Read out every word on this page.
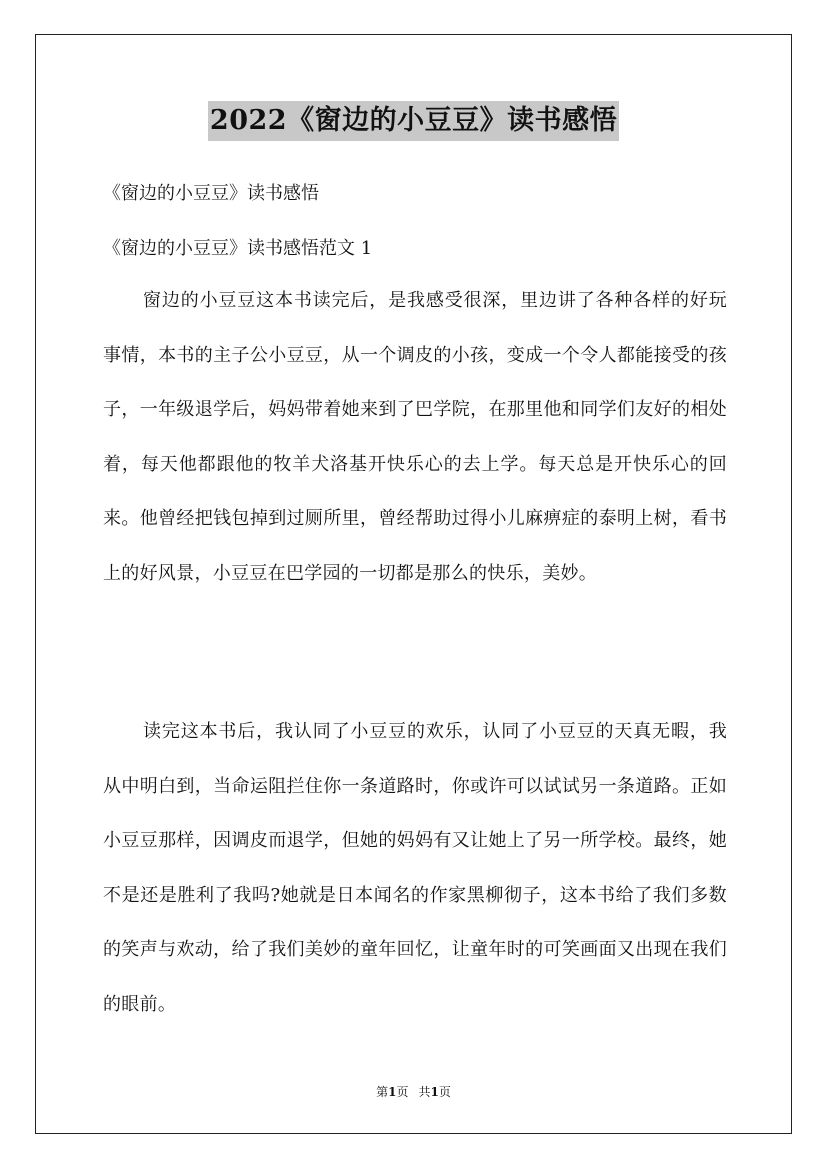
2022《窗边的小豆豆》读书感悟
《窗边的小豆豆》读书感悟
《窗边的小豆豆》读书感悟范文 1
窗边的小豆豆这本书读完后，是我感受很深，里边讲了各种各样的好玩事情，本书的主子公小豆豆，从一个调皮的小孩，变成一个令人都能接受的孩子，一年级退学后，妈妈带着她来到了巴学院，在那里他和同学们友好的相处着，每天他都跟他的牧羊犬洛基开快乐心的去上学。每天总是开快乐心的回来。他曾经把钱包掉到过厕所里，曾经帮助过得小儿麻痹症的泰明上树，看书上的好风景，小豆豆在巴学园的一切都是那么的快乐，美妙。
读完这本书后，我认同了小豆豆的欢乐，认同了小豆豆的天真无暇，我从中明白到，当命运阻拦住你一条道路时，你或许可以试试另一条道路。正如小豆豆那样，因调皮而退学，但她的妈妈有又让她上了另一所学校。最终，她不是还是胜利了我吗?她就是日本闻名的作家黑柳彻子，这本书给了我们多数的笑声与欢动，给了我们美妙的童年回忆，让童年时的可笑画面又出现在我们的眼前。
第1页 共1页
